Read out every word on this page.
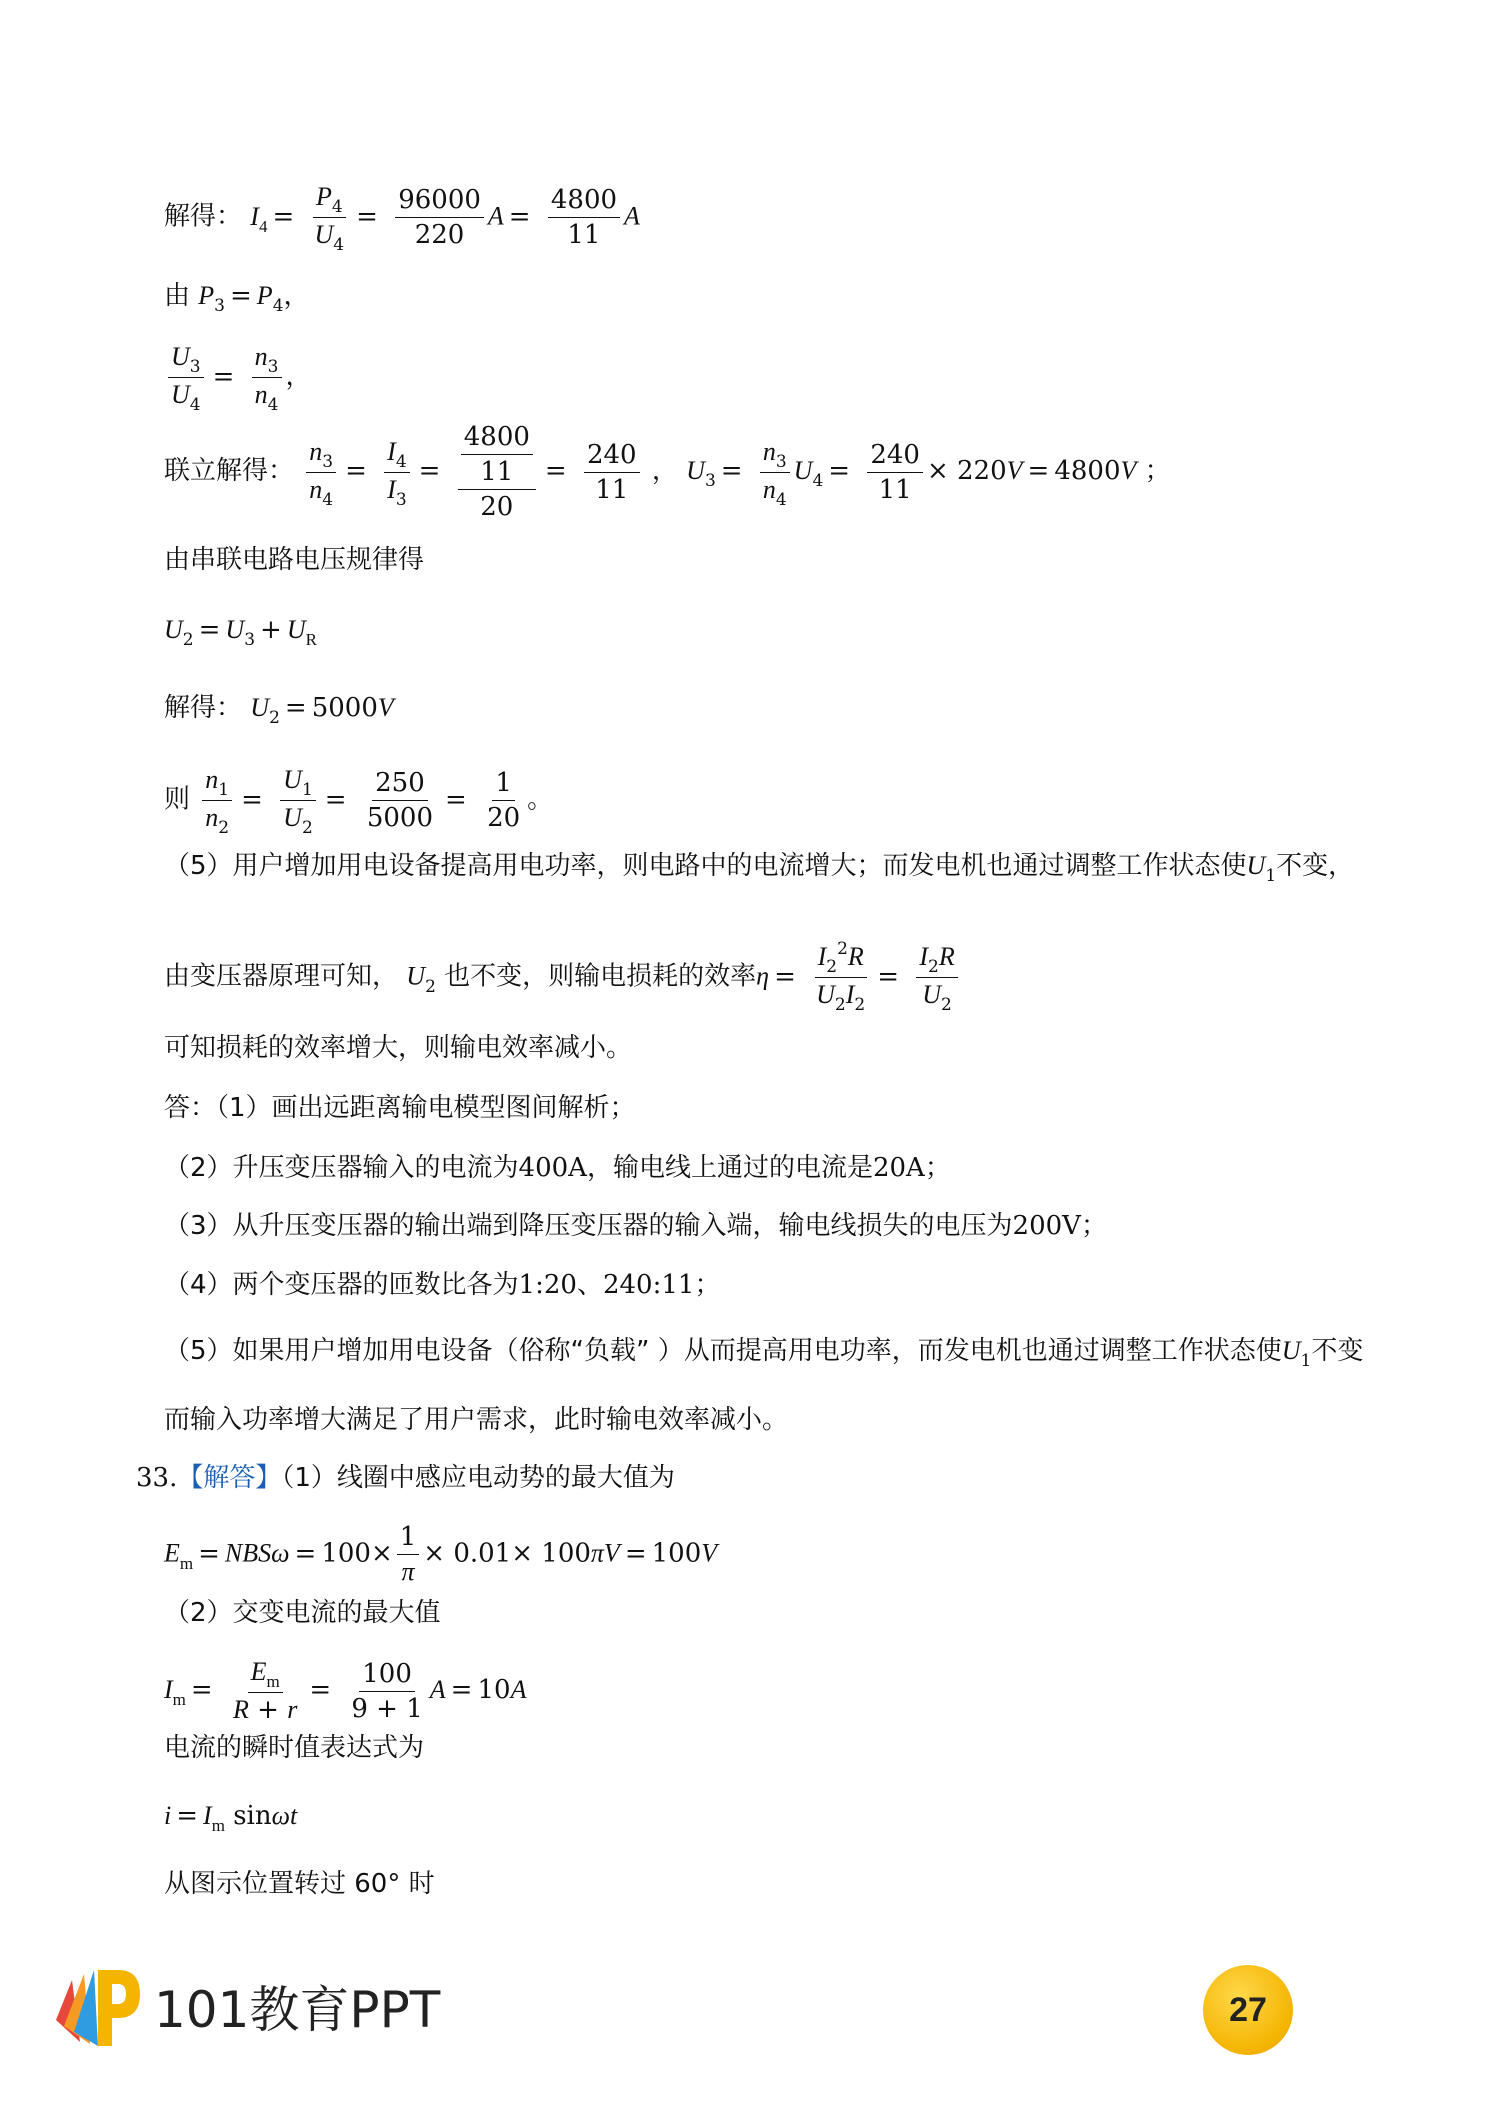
解得： $I_4 = \frac{P_4}{U_4} = \frac{96000}{220}$ $A = \frac{4800}{11}$ A
由 $P_3 = P_4$，
$\frac{U_3}{U_4} = \frac{n_3}{n_4}$ ，
联立解得： $\frac{n_3}{n_4} = \frac{I_4}{I_3} = \frac{\frac{4800}{11}}{20} = \frac{240}{11}$ ， $U_3 = \frac{n_3}{n_4} U_4 = \frac{240}{11} \times 220V = 4800V$ ；
由串联电路电压规律得
$U_2 = U_3 + U_R$
解得： $U_2 = 5000V$
则 $\frac{n_1}{n_2} = \frac{U_1}{U_2} = \frac{250}{5000} = \frac{1}{20}$ 。
（5）用户增加用电设备提高用电功率，则电路中的电流增大；而发电机也通过调整工作状态使$U_1$不变，
由变压器原理可知， $U_2$ 也不变，则输电损耗的效率$\eta = \frac{I_2^2R}{U_2I_2} = \frac{I_2R}{U_2}$
可知损耗的效率增大，则输电效率减小。
答：（1）画出远距离输电模型图间解析；
（2）升压变压器输入的电流为400A，输电线上通过的电流是20A；
（3）从升压变压器的输出端到降压变压器的输入端，输电线损失的电压为200V；
（4）两个变压器的匝数比各为1:20、240:11；
（5）如果用户增加用电设备（俗称“负载” ）从而提高用电功率，而发电机也通过调整工作状态使$U_1$不变
而输入功率增大满足了用户需求，此时输电效率减小。
33.【解答】（1）线圈中感应电动势的最大值为
$E_m = NBS\omega = 100\times \frac{1}{\pi} \times 0.01\times 100\pi V = 100V$
（2）交变电流的最大值
$I_m = \frac{E_m}{R + r} = \frac{100}{9 + 1}$ A = 10A
电流的瞬时值表达式为
$i = I_m$ sinωt
从图示位置转过 60° 时
101教育PPT	27
